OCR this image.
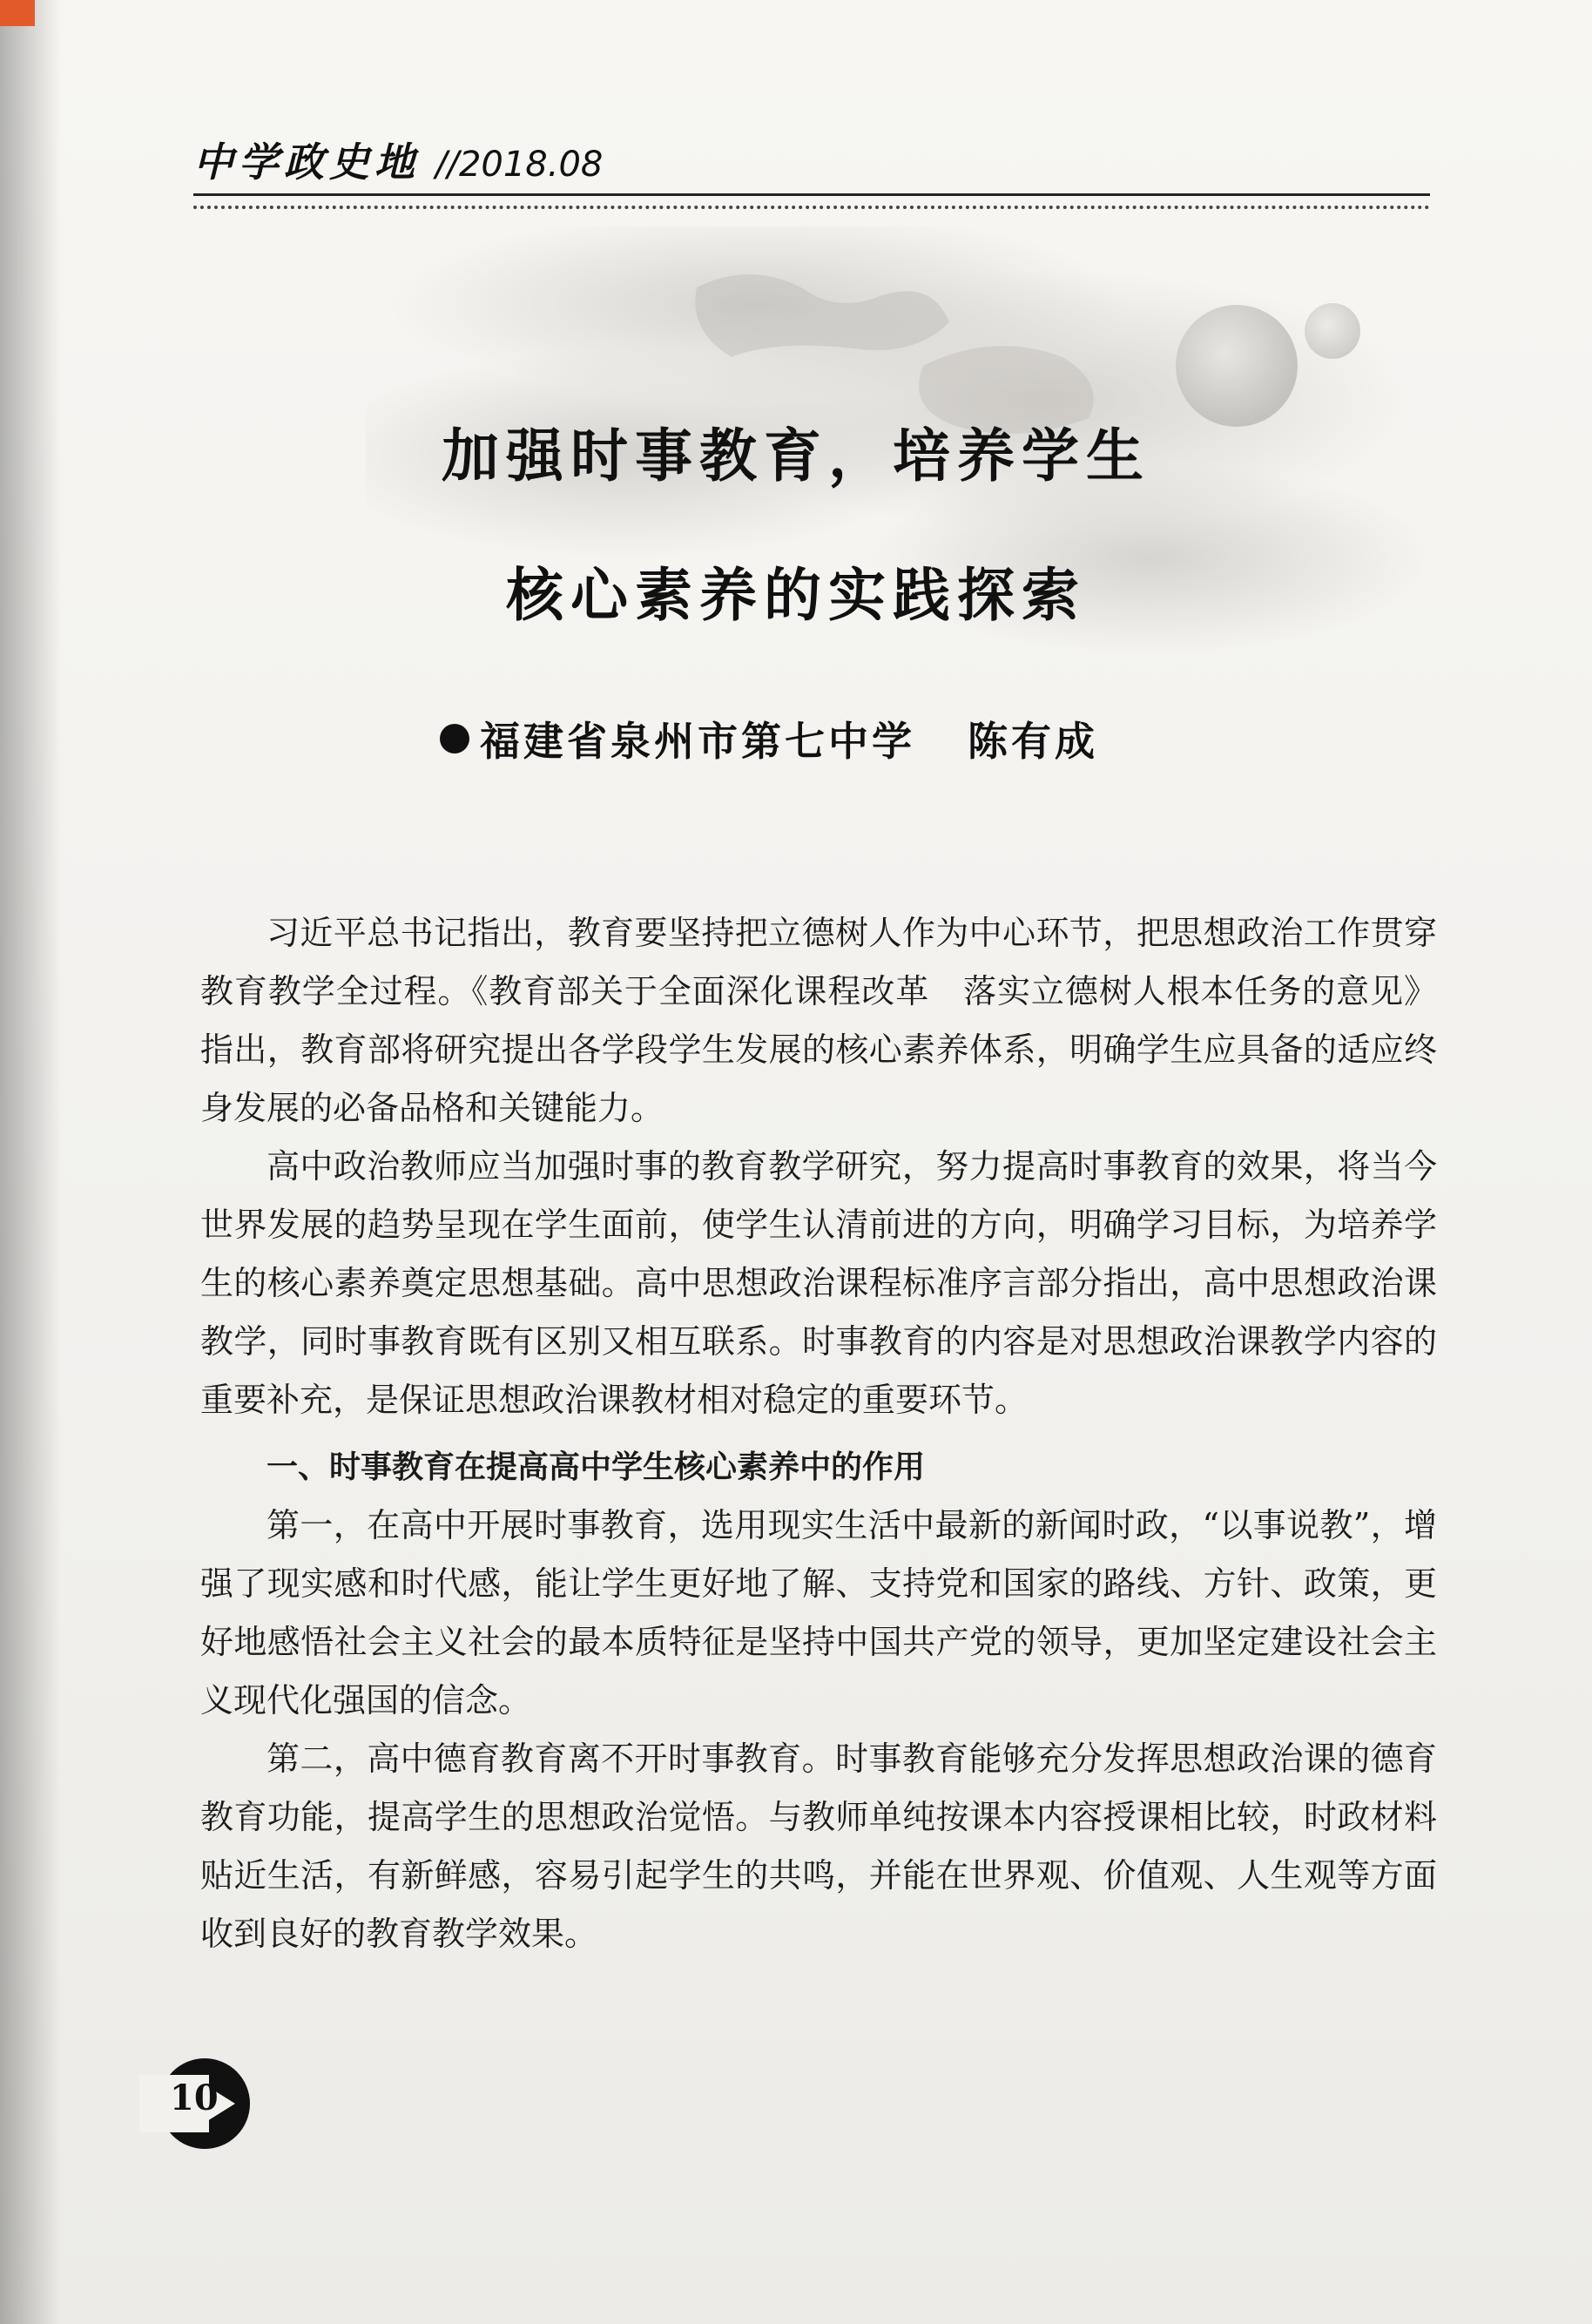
中学政史地 //2018.08
加强时事教育，培养学生
核心素养的实践探索
福建省泉州市第七中学 陈有成

习近平总书记指出，教育要坚持把立德树人作为中心环节，把思想政治工作贯穿教育教学全过程。《教育部关于全面深化课程改革　落实立德树人根本任务的意见》指出，教育部将研究提出各学段学生发展的核心素养体系，明确学生应具备的适应终身发展的必备品格和关键能力。

高中政治教师应当加强时事的教育教学研究，努力提高时事教育的效果，将当今世界发展的趋势呈现在学生面前，使学生认清前进的方向，明确学习目标，为培养学生的核心素养奠定思想基础。高中思想政治课程标准序言部分指出，高中思想政治课教学，同时事教育既有区别又相互联系。时事教育的内容是对思想政治课教学内容的重要补充，是保证思想政治课教材相对稳定的重要环节。

一、时事教育在提高高中学生核心素养中的作用

第一，在高中开展时事教育，选用现实生活中最新的新闻时政，“以事说教”，增强了现实感和时代感，能让学生更好地了解、支持党和国家的路线、方针、政策，更好地感悟社会主义社会的最本质特征是坚持中国共产党的领导，更加坚定建设社会主义现代化强国的信念。

第二，高中德育教育离不开时事教育。时事教育能够充分发挥思想政治课的德育教育功能，提高学生的思想政治觉悟。与教师单纯按课本内容授课相比较，时政材料贴近生活，有新鲜感，容易引起学生的共鸣，并能在世界观、价值观、人生观等方面收到良好的教育教学效果。

10
